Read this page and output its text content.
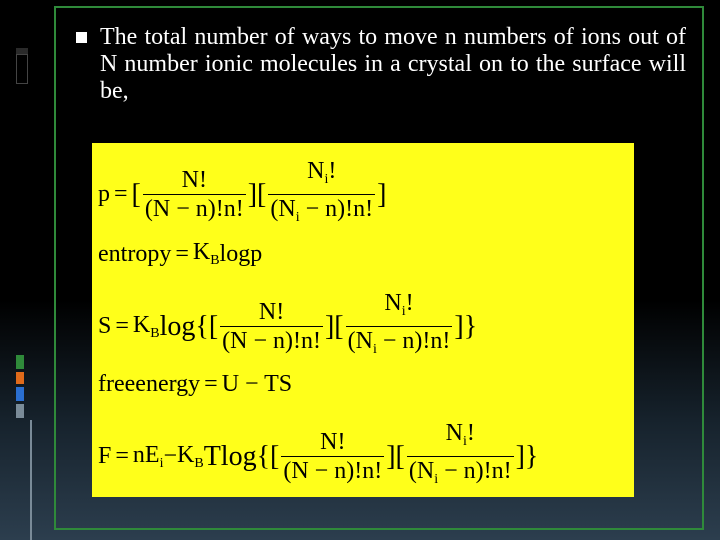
The total number of ways to move n numbers of ions out of N number ionic molecules in a crystal on to the surface will be,
p = [ $\frac{N!}{(N - n)!n!}$ ][ $\frac{N_i!}{(N_i - n)!n!}$ ]
entropy = $K_B$ logp
$S = K_B$ $\log\{[ \frac{N!}{(N - n)!n!}$ ][ $\frac{N_i!}{(N_i - n)!n!}$ ]}
freeenergy = U − TS
$F = nE_i - K_B$ $Tlog\{[ \frac{N!}{(N - n)!n!}$ ][ $\frac{N_i!}{(N_i - n)!n!}$ ]}
